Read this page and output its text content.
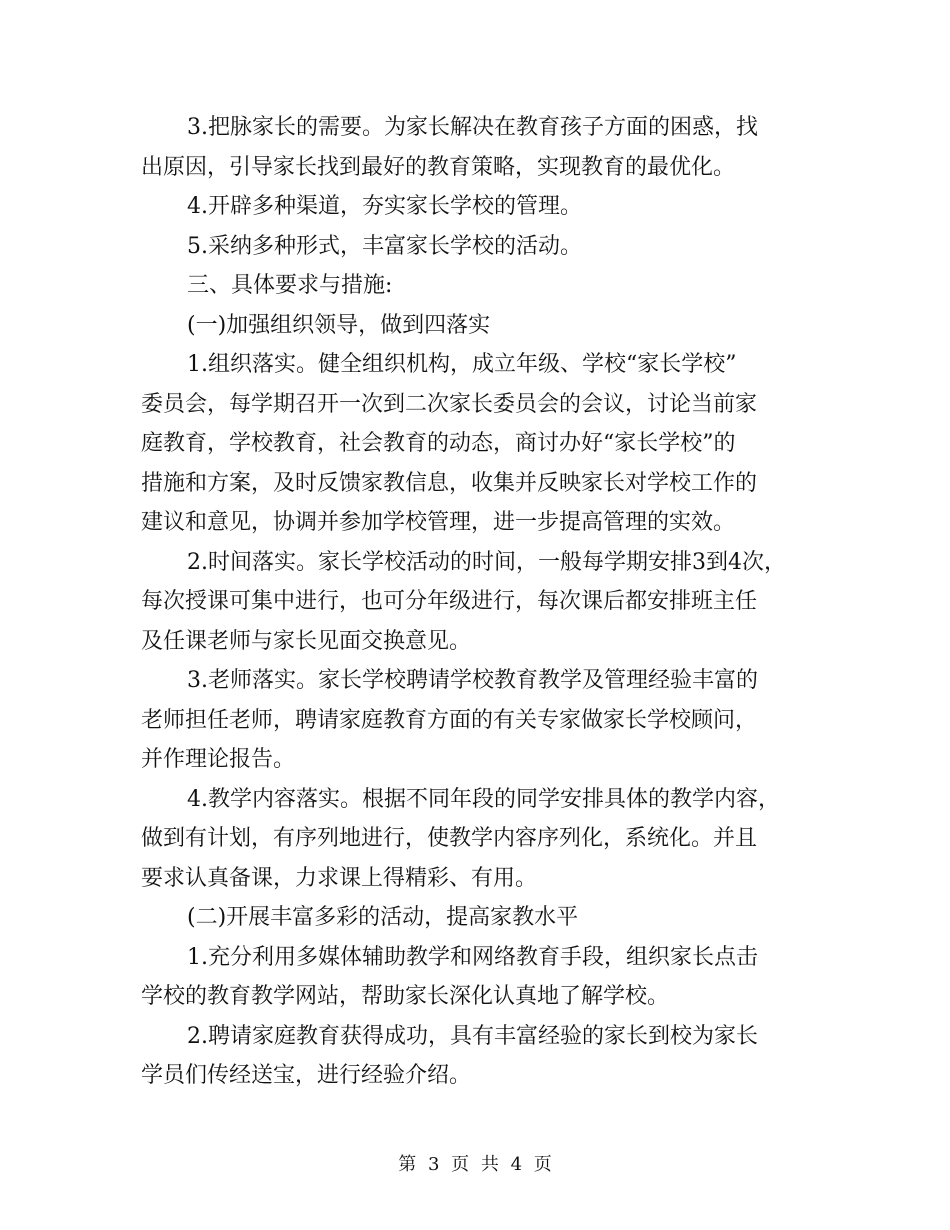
3.把脉家长的需要。为家长解决在教育孩子方面的困惑，找
出原因，引导家长找到最好的教育策略，实现教育的最优化。

4.开辟多种渠道，夯实家长学校的管理。

5.采纳多种形式，丰富家长学校的活动。

三、具体要求与措施:

(一)加强组织领导，做到四落实

1.组织落实。健全组织机构，成立年级、学校“家长学校”
委员会，每学期召开一次到二次家长委员会的会议，讨论当前家
庭教育，学校教育，社会教育的动态，商讨办好“家长学校”的
措施和方案，及时反馈家教信息，收集并反映家长对学校工作的
建议和意见，协调并参加学校管理，进一步提高管理的实效。

2.时间落实。家长学校活动的时间，一般每学期安排3到4次，
每次授课可集中进行，也可分年级进行，每次课后都安排班主任
及任课老师与家长见面交换意见。

3.老师落实。家长学校聘请学校教育教学及管理经验丰富的
老师担任老师，聘请家庭教育方面的有关专家做家长学校顾问，
并作理论报告。

4.教学内容落实。根据不同年段的同学安排具体的教学内容，
做到有计划，有序列地进行，使教学内容序列化，系统化。并且
要求认真备课，力求课上得精彩、有用。

(二)开展丰富多彩的活动，提高家教水平

1.充分利用多媒体辅助教学和网络教育手段，组织家长点击
学校的教育教学网站，帮助家长深化认真地了解学校。

2.聘请家庭教育获得成功，具有丰富经验的家长到校为家长
学员们传经送宝，进行经验介绍。

第 3 页 共 4 页
